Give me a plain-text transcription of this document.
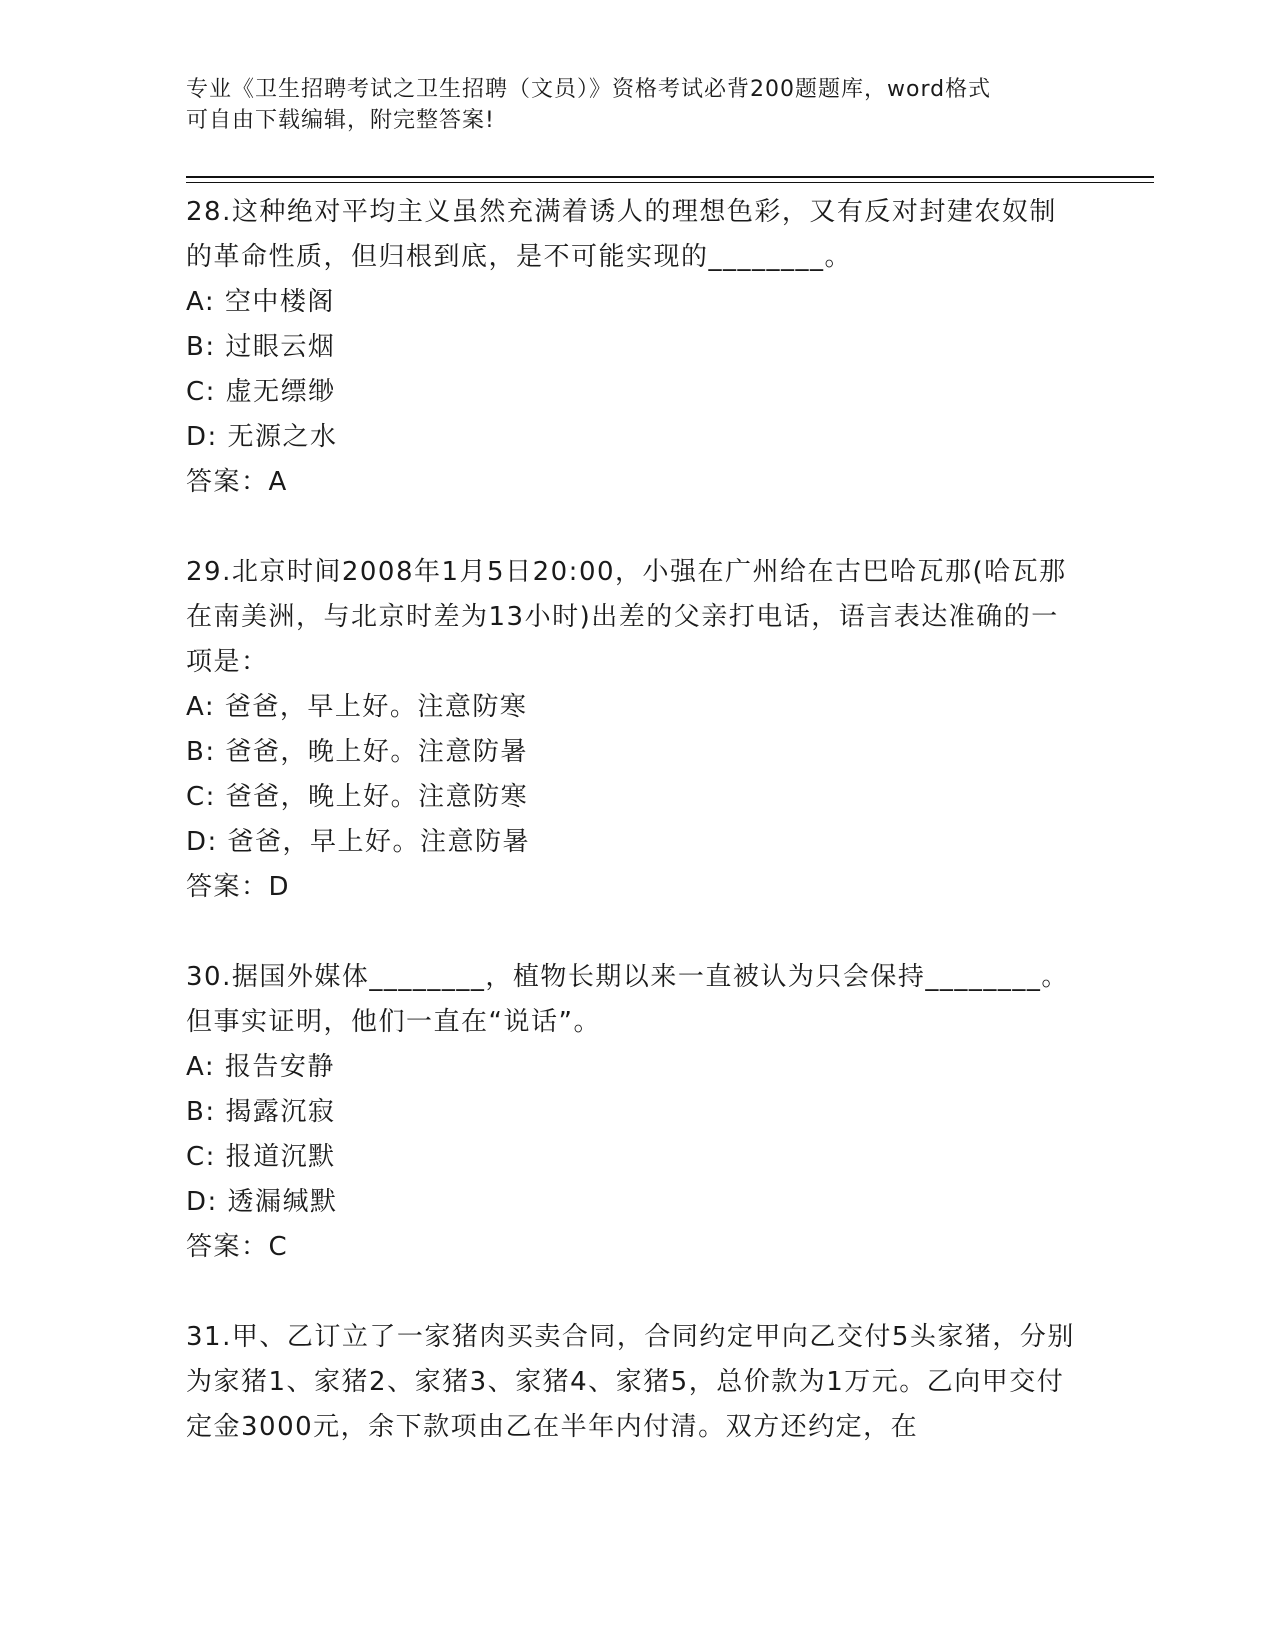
专业《卫生招聘考试之卫生招聘（文员）》资格考试必背200题题库，word格式
可自由下载编辑，附完整答案!
28.这种绝对平均主义虽然充满着诱人的理想色彩，又有反对封建农奴制的革命性质，但归根到底，是不可能实现的________。
A: 空中楼阁
B: 过眼云烟
C: 虚无缥缈
D: 无源之水
答案：A
29.北京时间2008年1月5日20:00，小强在广州给在古巴哈瓦那(哈瓦那在南美洲，与北京时差为13小时)出差的父亲打电话，语言表达准确的一项是：
A: 爸爸，早上好。注意防寒
B: 爸爸，晚上好。注意防暑
C: 爸爸，晚上好。注意防寒
D: 爸爸，早上好。注意防暑
答案：D
30.据国外媒体________，植物长期以来一直被认为只会保持________。但事实证明，他们一直在“说话”。
A: 报告安静
B: 揭露沉寂
C: 报道沉默
D: 透漏缄默
答案：C
31.甲、乙订立了一家猪肉买卖合同，合同约定甲向乙交付5头家猪，分别为家猪1、家猪2、家猪3、家猪4、家猪5，总价款为1万元。乙向甲交付定金3000元，余下款项由乙在半年内付清。双方还约定，在
